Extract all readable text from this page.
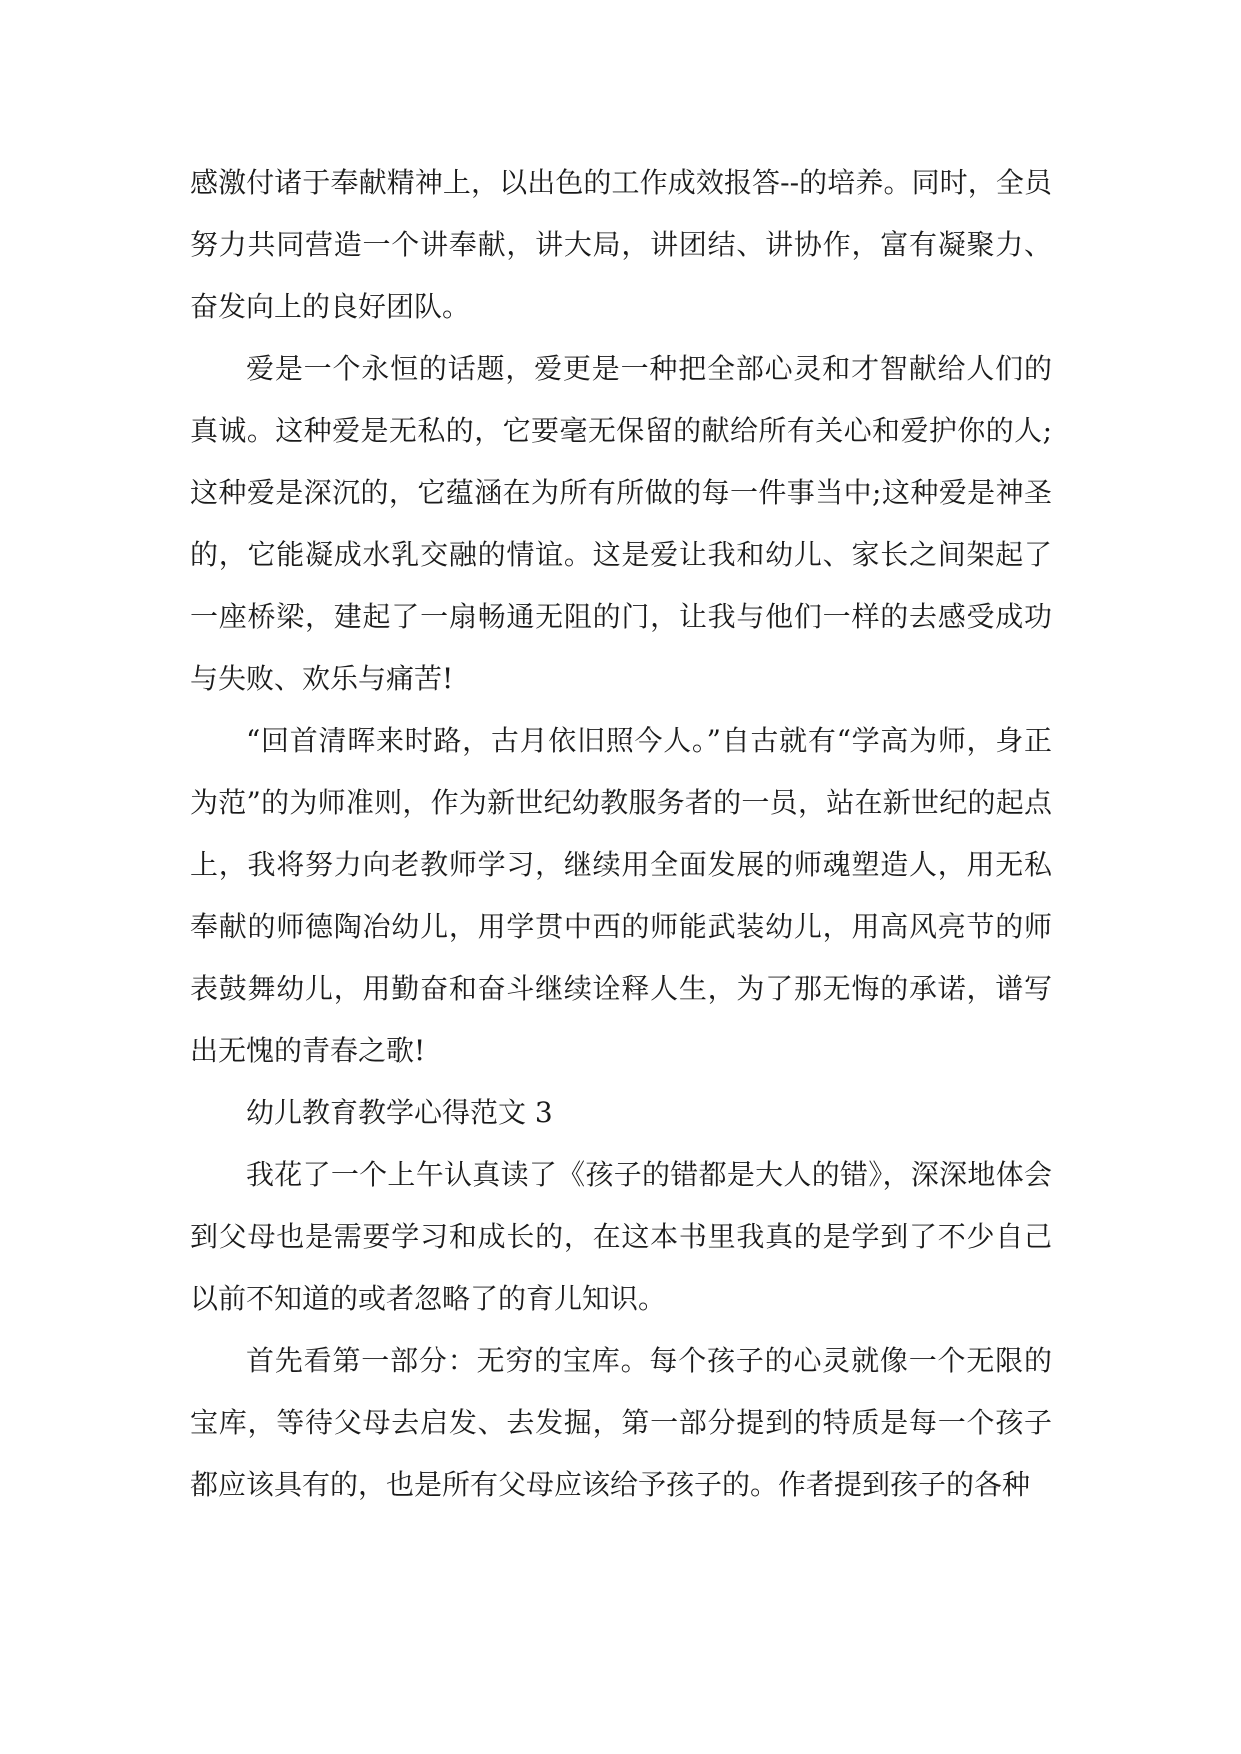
感激付诸于奉献精神上，以出色的工作成效报答--的培养。同时，全员努力共同营造一个讲奉献，讲大局，讲团结、讲协作，富有凝聚力、奋发向上的良好团队。

爱是一个永恒的话题，爱更是一种把全部心灵和才智献给人们的真诚。这种爱是无私的，它要毫无保留的献给所有关心和爱护你的人;这种爱是深沉的，它蕴涵在为所有所做的每一件事当中;这种爱是神圣的，它能凝成水乳交融的情谊。这是爱让我和幼儿、家长之间架起了一座桥梁，建起了一扇畅通无阻的门，让我与他们一样的去感受成功与失败、欢乐与痛苦!

“回首清晖来时路，古月依旧照今人。”自古就有“学高为师，身正为范”的为师准则，作为新世纪幼教服务者的一员，站在新世纪的起点上，我将努力向老教师学习，继续用全面发展的师魂塑造人，用无私奉献的师德陶冶幼儿，用学贯中西的师能武装幼儿，用高风亮节的师表鼓舞幼儿，用勤奋和奋斗继续诠释人生，为了那无悔的承诺，谱写出无愧的青春之歌!

幼儿教育教学心得范文 3

我花了一个上午认真读了《孩子的错都是大人的错》，深深地体会到父母也是需要学习和成长的，在这本书里我真的是学到了不少自己以前不知道的或者忽略了的育儿知识。

首先看第一部分：无穷的宝库。每个孩子的心灵就像一个无限的宝库，等待父母去启发、去发掘，第一部分提到的特质是每一个孩子都应该具有的，也是所有父母应该给予孩子的。作者提到孩子的各种
